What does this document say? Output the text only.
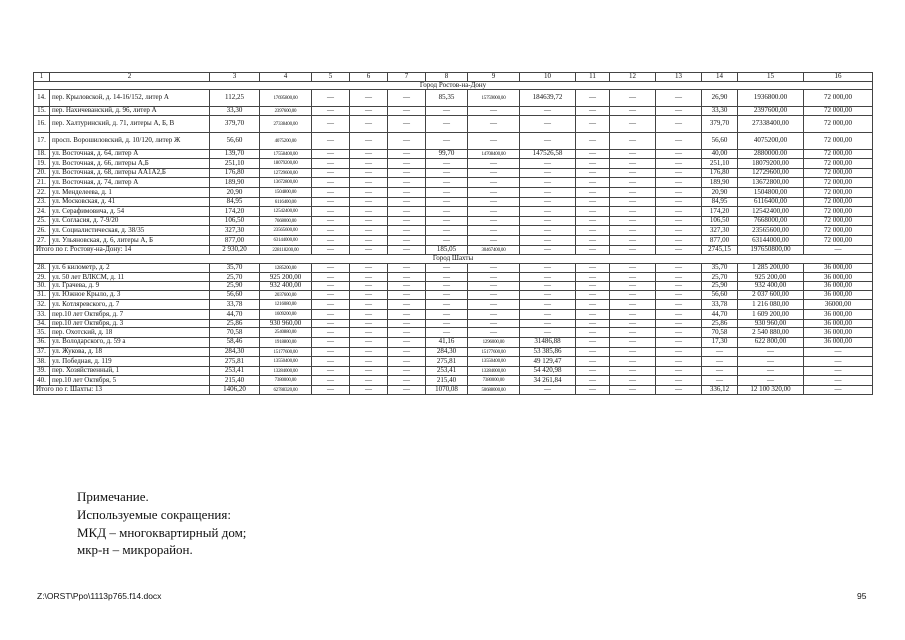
1	2	3	4	5	6	7	8	9	10	11	12	13	14	15	16
Город Ростов-на-Дону															
14.	пер. Крыловской, д. 14-16/152, литер А	112,25	17695800,00	—	—	—	85,35	15759000,00	184639,72	—	—	—	26,90	1936800.00	72 000,00
15.	пер. Нахичеванский, д. 96, литер А	33,30	2397600,00	—	—	—	—	—	—	—	—	—	33,30	2397600,00	72 000,00
16.	пер. Халтуринский, д. 71, литеры А, Б, В	379,70	27338400,00	—	—	—	—	—	—	—	—	—	379,70	27338400,00	72 000,00
17.	просп. Ворошиловский, д. 10/120, литер Ж	56,60	4075200,00	—	—	—	—	—	—	—	—	—	56,60	4075200,00	72 000,00
18.	ул. Восточная, д. 64, литер А	139,70	17558400,00	—	—	—	99,70	14708400,00	147526,58	—	—	—	40,00	2880000.00	72 000,00
19.	ул. Восточная, д. 66, литеры А,Б	251,10	18079200,00	—	—	—	—	—	—	—	—	—	251,10	18079200,00	72 000,00
20.	ул. Восточная, д. 68, литеры АА1А2,Б	176,80	12729600,00	—	—	—	—	—	—	—	—	—	176,80	12729600,00	72 000,00
21.	ул. Восточная, д. 74, литер А	189,90	13672800,00	—	—	—	—	—	—	—	—	—	189,90	13672800,00	72 000,00
22.	ул. Менделеева, д. 1	20,90	1504800,00	—	—	—	—	—	—	—	—	—	20,90	1504800,00	72 000,00
23.	ул. Московская, д. 41	84,95	6116400,00	—	—	—	—	—	—	—	—	—	84,95	6116400,00	72 000,00
24.	ул. Серафимовича, д. 54	174,20	12542400,00	—	—	—	—	—	—	—	—	—	174,20	12542400,00	72 000,00
25.	ул. Согласия, д. 7-9/20	106,50	7668000,00	—	—	—	—	—	—	—	—	—	106,50	7668000,00	72 000,00
26.	ул. Социалистическая, д. 38/35	327,30	23565600,00	—	—	—	—	—	—	—	—	—	327,30	23565600,00	72 000,00
27.	ул. Ульяновская, д. 6, литеры А, Б	877,00	63144000,00	—	—	—	—	—	—	—	—	—	877,00	63144000,00	72 000,00
Итого по г. Ростову-на-Дону: 14		2 930,20	228118200,00	—	—	—	185,05	30467400,00	—	—	—	—	2745,15	197650800,00	—
Город Шахты															
28.	ул. 6 километр, д. 2	35,70	1285200,00	—	—	—	—	—	—	—	—	—	35,70	1 285 200,00	36 000,00
29.	ул. 50 лет ВЛКСМ, д. 11	25,70	925 200,00	—	—	—	—	—	—	—	—	—	25,70	925 200,00	36 000,00
30.	ул. Грачева, д. 9	25,90	932 400,00	—	—	—	—	—	—	—	—	—	25,90	932 400,00	36 000,00
31.	ул. Южное Крыло, д. 3	56,60	2037600,00	—	—	—	—	—	—	—	—	—	56,60	2 037 600,00	36 000,00
32.	ул. Котляревского, д. 7	33,78	1216080,00	—	—	—	—	—	—	—	—	—	33,78	1 216 080,00	36000,00
33.	пер.10 лет Октября, д. 7	44,70	1609200,00	—	—	—	—	—	—	—	—	—	44,70	1 609 200,00	36 000,00
34.	пер.10 лет Октября, д. 3	25,86	930 960,00	—	—	—	—	—	—	—	—	—	25,86	930 960,00	36 000,00
35.	пер. Охотский, д. 18	70,58	2540880,00	—	—	—	—	—	—	—	—	—	70,58	2 540 880,00	36 000,00
36.	ул. Володарского, д. 59 а	58,46	1918800,00	—	—	—	41,16	1296000,00	31486,88	—	—	—	17,30	622 800,00	36 000,00
37.	ул. Жукова, д. 18	284,30	15177600,00	—	—	—	284,30	15177600,00	53 385,86	—	—	—	—	—	—
38.	ул. Победная, д. 119	275,81	13550400,00	—	—	—	275,81	13550400,00	49 129,47	—	—	—	—	—	—
39.	пер. Хозяйственный, 1	253,41	13284000,00	—	—	—	253,41	13284000,00	54 420,98	—	—	—	—	—	—
40.	пер.10 лет Октября, 5	215,40	7380000,00	—	—	—	215,40	7380000,00	34 261,84	—	—	—	—	—	—
Итого по г. Шахты: 13		1406,20	62788320,00	—	—	—	1070,08	50688000,00	—	—	—	—	336,12	12 100 320,00	—
Примечание.
Используемые сокращения:
МКД – многоквартирный дом;
мкр-н – микрорайон.
Z:\ORST\Ppo\1113p765.f14.docx	95
